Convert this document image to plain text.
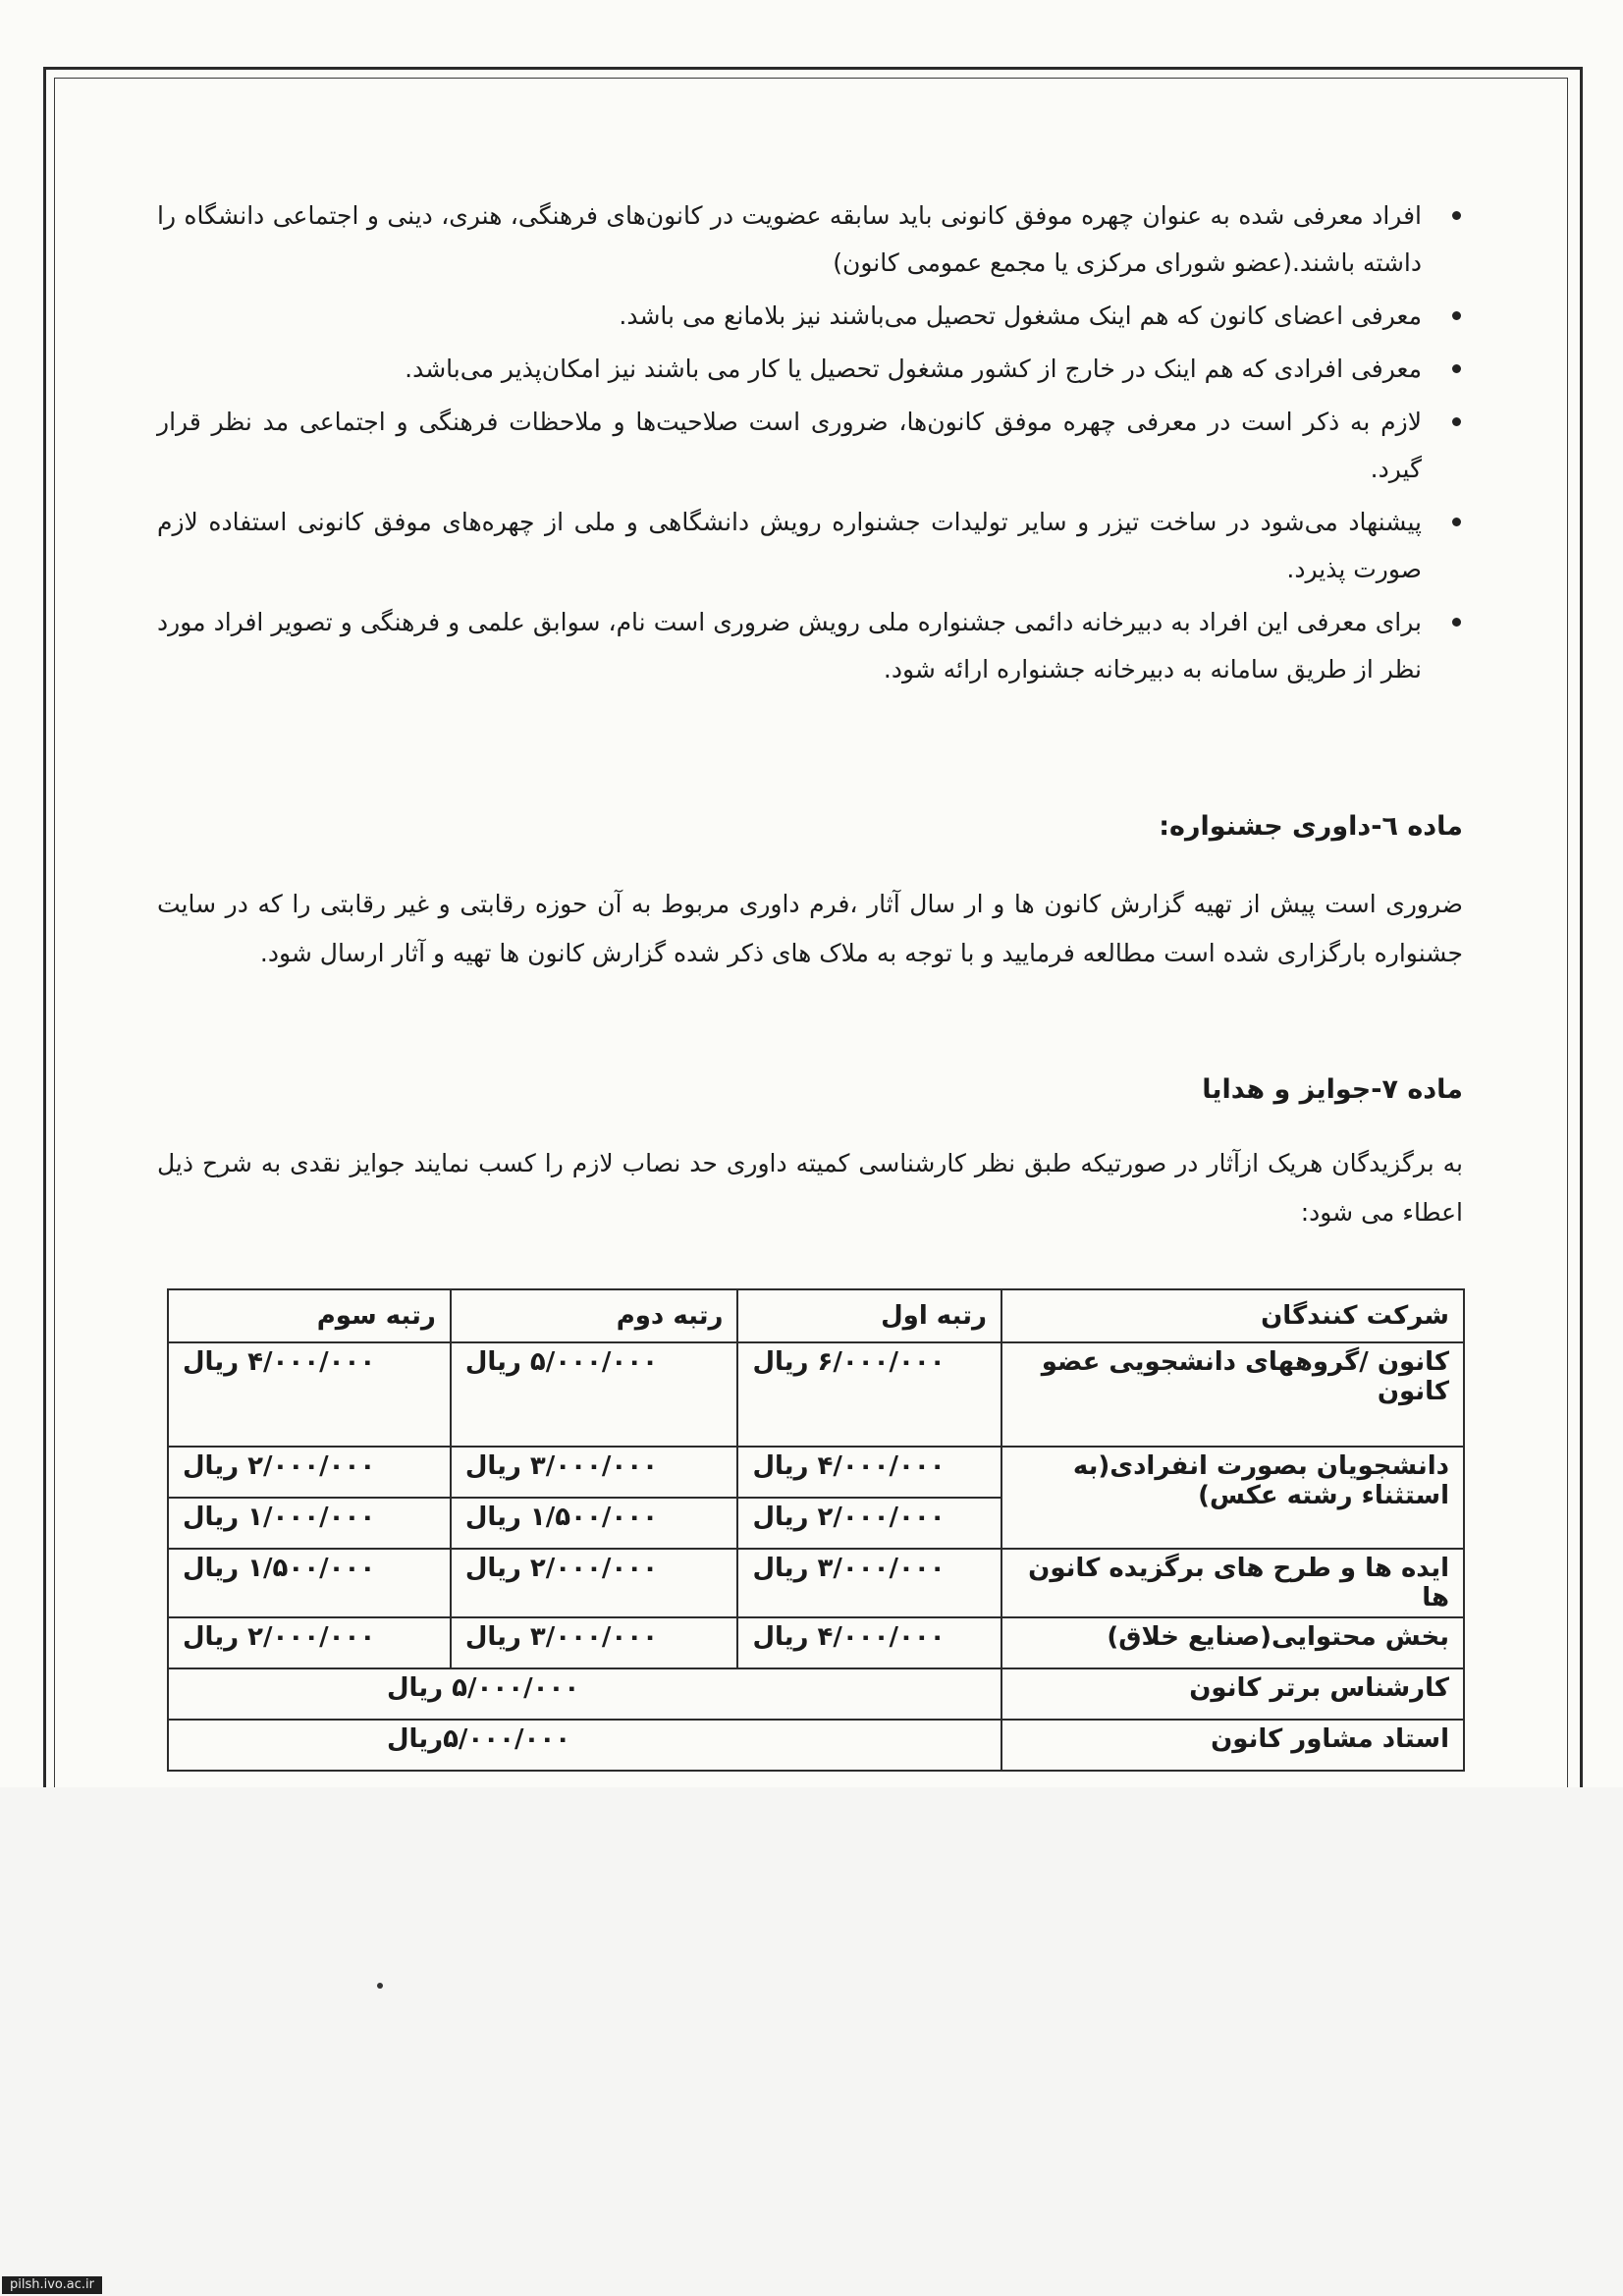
افراد معرفی شده به عنوان چهره موفق کانونی باید سابقه عضویت در کانون‌های فرهنگی، هنری، دینی و اجتماعی دانشگاه را داشته باشند.(عضو شورای مرکزی یا مجمع عمومی کانون)
معرفی اعضای کانون که هم اینک مشغول تحصیل می‌باشند نیز بلامانع می باشد.
معرفی افرادی که هم اینک در خارج از کشور مشغول تحصیل یا کار می باشند نیز امکان‌پذیر می‌باشد.
لازم به ذکر است در معرفی چهره موفق کانون‌ها، ضروری است صلاحیت‌ها و ملاحظات فرهنگی و اجتماعی مد نظر قرار گیرد.
پیشنهاد می‌شود در ساخت تیزر و سایر تولیدات جشنواره رویش دانشگاهی و ملی از چهره‌های موفق کانونی استفاده لازم صورت پذیرد.
برای معرفی این افراد به دبیرخانه دائمی جشنواره ملی رویش ضروری است نام، سوابق علمی و فرهنگی و تصویر افراد مورد نظر از طریق سامانه به دبیرخانه جشنواره ارائه شود.
ماده ٦-داوری جشنواره:
ضروری است پیش از تهیه گزارش کانون ها و ار سال آثار ،فرم داوری مربوط به آن حوزه رقابتی و غیر رقابتی را که در سایت جشنواره بارگزاری شده است مطالعه فرمایید و با توجه به ملاک های ذکر شده گزارش کانون ها تهیه و آثار ارسال شود.
ماده ۷-جوایز و هدایا
به برگزیدگان هریک ازآثار در صورتیکه طبق نظر کارشناسی کمیته داوری حد نصاب لازم را کسب نمایند جوایز نقدی به شرح ذیل اعطاء می شود:
شرکت کنندگان	رتبه اول	رتبه دوم	رتبه سوم
کانون /گروههای دانشجویی عضو کانون	۶/۰۰۰/۰۰۰ ریال	۵/۰۰۰/۰۰۰ ریال	۴/۰۰۰/۰۰۰ ریال
دانشجویان بصورت انفرادی(به استثناء رشته عکس)	۴/۰۰۰/۰۰۰ ریال	۳/۰۰۰/۰۰۰ ریال	۲/۰۰۰/۰۰۰ ریال
	۲/۰۰۰/۰۰۰ ریال	۱/۵۰۰/۰۰۰ ریال	۱/۰۰۰/۰۰۰ ریال
ایده ها و طرح های برگزیده کانون ها	۳/۰۰۰/۰۰۰ ریال	۲/۰۰۰/۰۰۰ ریال	۱/۵۰۰/۰۰۰ ریال
بخش محتوایی(صنایع خلاق)	۴/۰۰۰/۰۰۰ ریال	۳/۰۰۰/۰۰۰ ریال	۲/۰۰۰/۰۰۰ ریال
کارشناس برتر کانون	۵/۰۰۰/۰۰۰ ریال		
استاد مشاور کانون	۵/۰۰۰/۰۰۰ریال		
pilsh.ivo.ac.ir
